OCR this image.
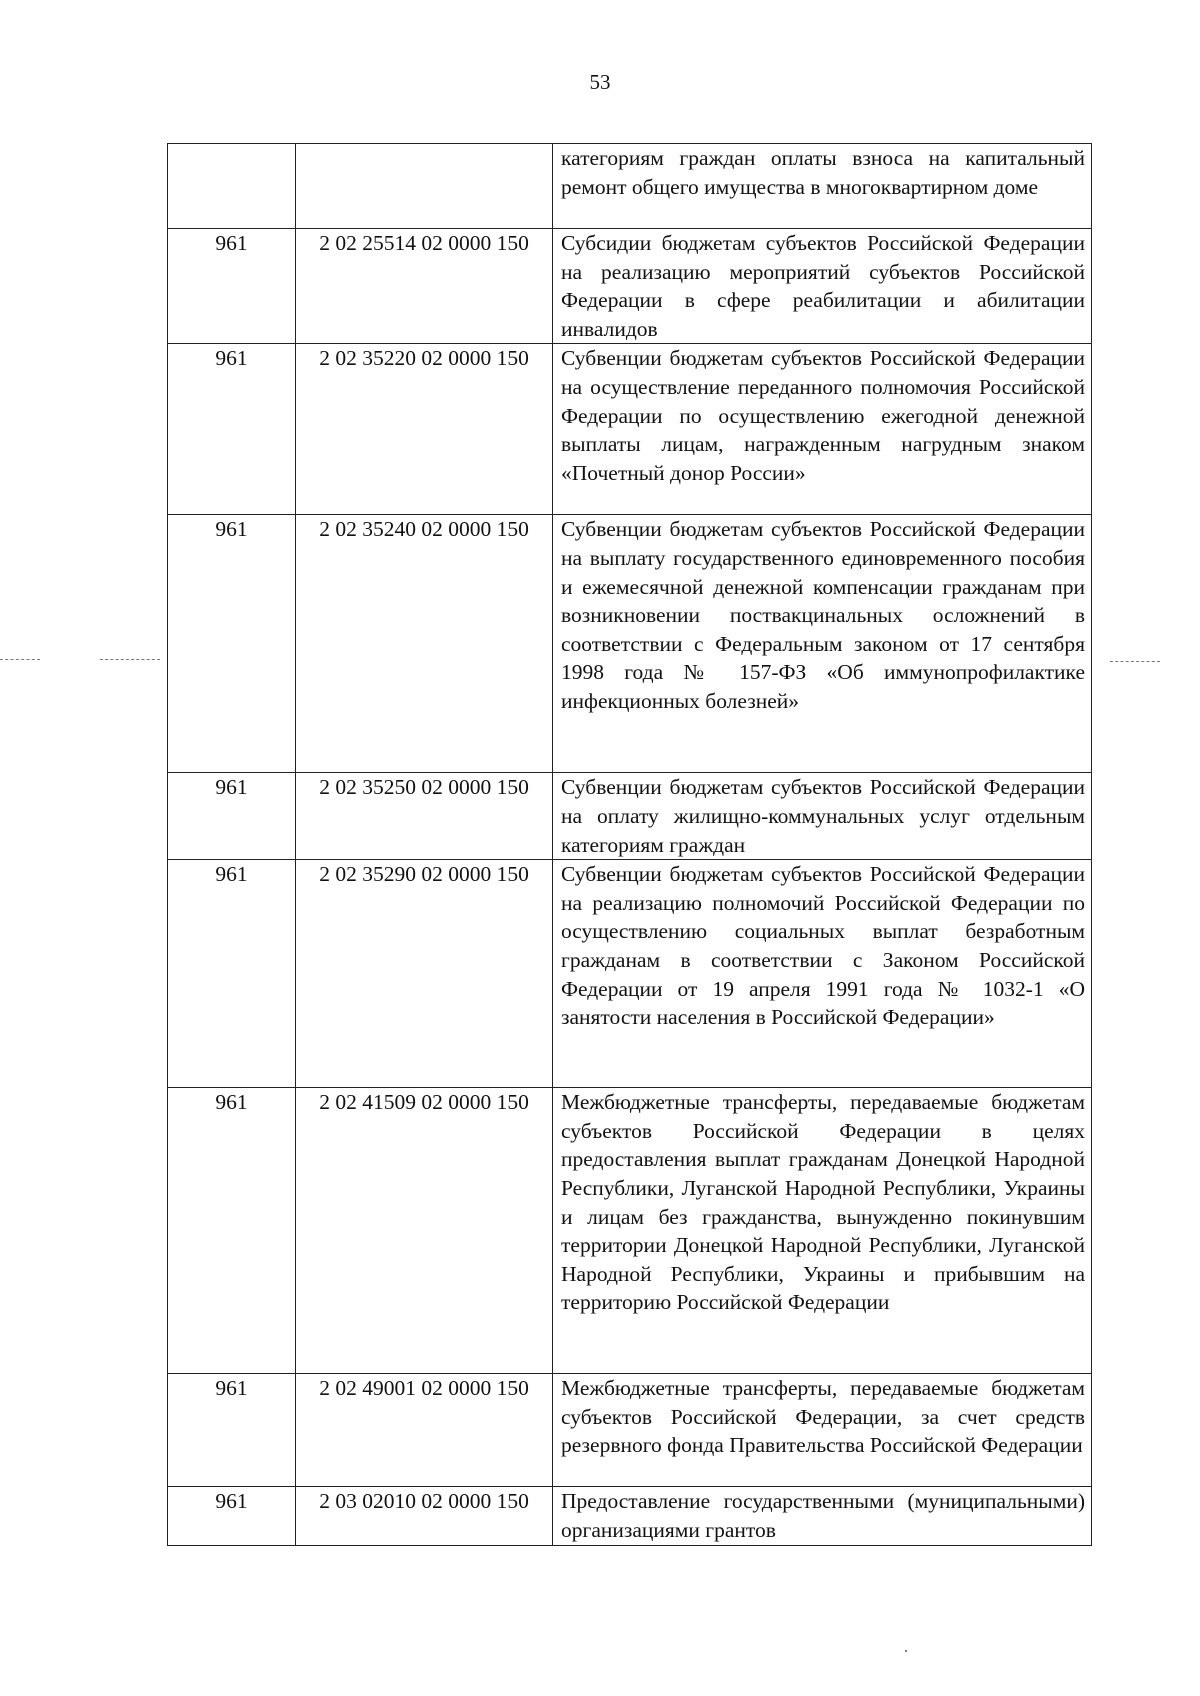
53
		категориям граждан оплаты взноса на капитальный ремонт общего имущества в многоквартирном доме
961	2 02 25514 02 0000 150	Субсидии бюджетам субъектов Российской Федерации на реализацию мероприятий субъектов Российской Федерации в сфере реабилитации и абилитации инвалидов
961	2 02 35220 02 0000 150	Субвенции бюджетам субъектов Российской Федерации на осуществление переданного полномочия Российской Федерации по осуществлению ежегодной денежной выплаты лицам, награжденным нагрудным знаком «Почетный донор России»
961	2 02 35240 02 0000 150	Субвенции бюджетам субъектов Российской Федерации на выплату государственного единовременного пособия и ежемесячной денежной компенсации гражданам при возникновении поствакцинальных осложнений в соответствии с Федеральным законом от 17 сентября 1998 года № 157-ФЗ «Об иммунопрофилактике инфекционных болезней»
961	2 02 35250 02 0000 150	Субвенции бюджетам субъектов Российской Федерации на оплату жилищно-коммунальных услуг отдельным категориям граждан
961	2 02 35290 02 0000 150	Субвенции бюджетам субъектов Российской Федерации на реализацию полномочий Российской Федерации по осуществлению социальных выплат безработным гражданам в соответствии с Законом Российской Федерации от 19 апреля 1991 года № 1032-1 «О занятости населения в Российской Федерации»
961	2 02 41509 02 0000 150	Межбюджетные трансферты, передаваемые бюджетам субъектов Российской Федерации в целях предоставления выплат гражданам Донецкой Народной Республики, Луганской Народной Республики, Украины и лицам без гражданства, вынужденно покинувшим территории Донецкой Народной Республики, Луганской Народной Республики, Украины и прибывшим на территорию Российской Федерации
961	2 02 49001 02 0000 150	Межбюджетные трансферты, передаваемые бюджетам субъектов Российской Федерации, за счет средств резервного фонда Правительства Российской Федерации
961	2 03 02010 02 0000 150	Предоставление государственными (муниципальными) организациями грантов
